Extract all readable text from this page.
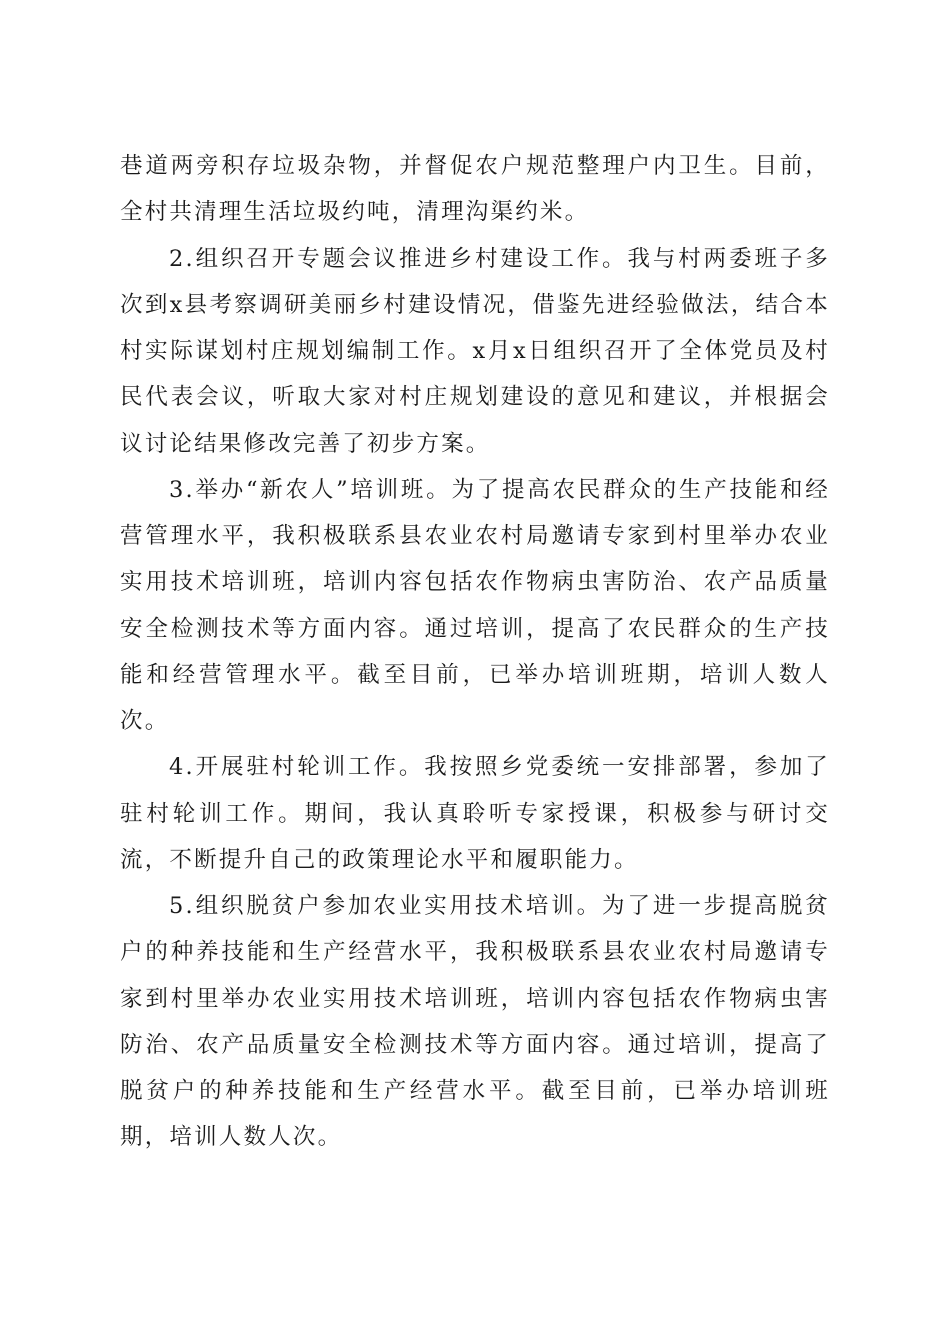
巷道两旁积存垃圾杂物，并督促农户规范整理户内卫生。目前，全村共清理生活垃圾约吨，清理沟渠约米。

2.组织召开专题会议推进乡村建设工作。我与村两委班子多次到x县考察调研美丽乡村建设情况，借鉴先进经验做法，结合本村实际谋划村庄规划编制工作。x月x日组织召开了全体党员及村民代表会议，听取大家对村庄规划建设的意见和建议，并根据会议讨论结果修改完善了初步方案。

3.举办“新农人”培训班。为了提高农民群众的生产技能和经营管理水平，我积极联系县农业农村局邀请专家到村里举办农业实用技术培训班，培训内容包括农作物病虫害防治、农产品质量安全检测技术等方面内容。通过培训，提高了农民群众的生产技能和经营管理水平。截至目前，已举办培训班期，培训人数人次。

4.开展驻村轮训工作。我按照乡党委统一安排部署，参加了驻村轮训工作。期间，我认真聆听专家授课，积极参与研讨交流，不断提升自己的政策理论水平和履职能力。

5.组织脱贫户参加农业实用技术培训。为了进一步提高脱贫户的种养技能和生产经营水平，我积极联系县农业农村局邀请专家到村里举办农业实用技术培训班，培训内容包括农作物病虫害防治、农产品质量安全检测技术等方面内容。通过培训，提高了脱贫户的种养技能和生产经营水平。截至目前，已举办培训班期，培训人数人次。
